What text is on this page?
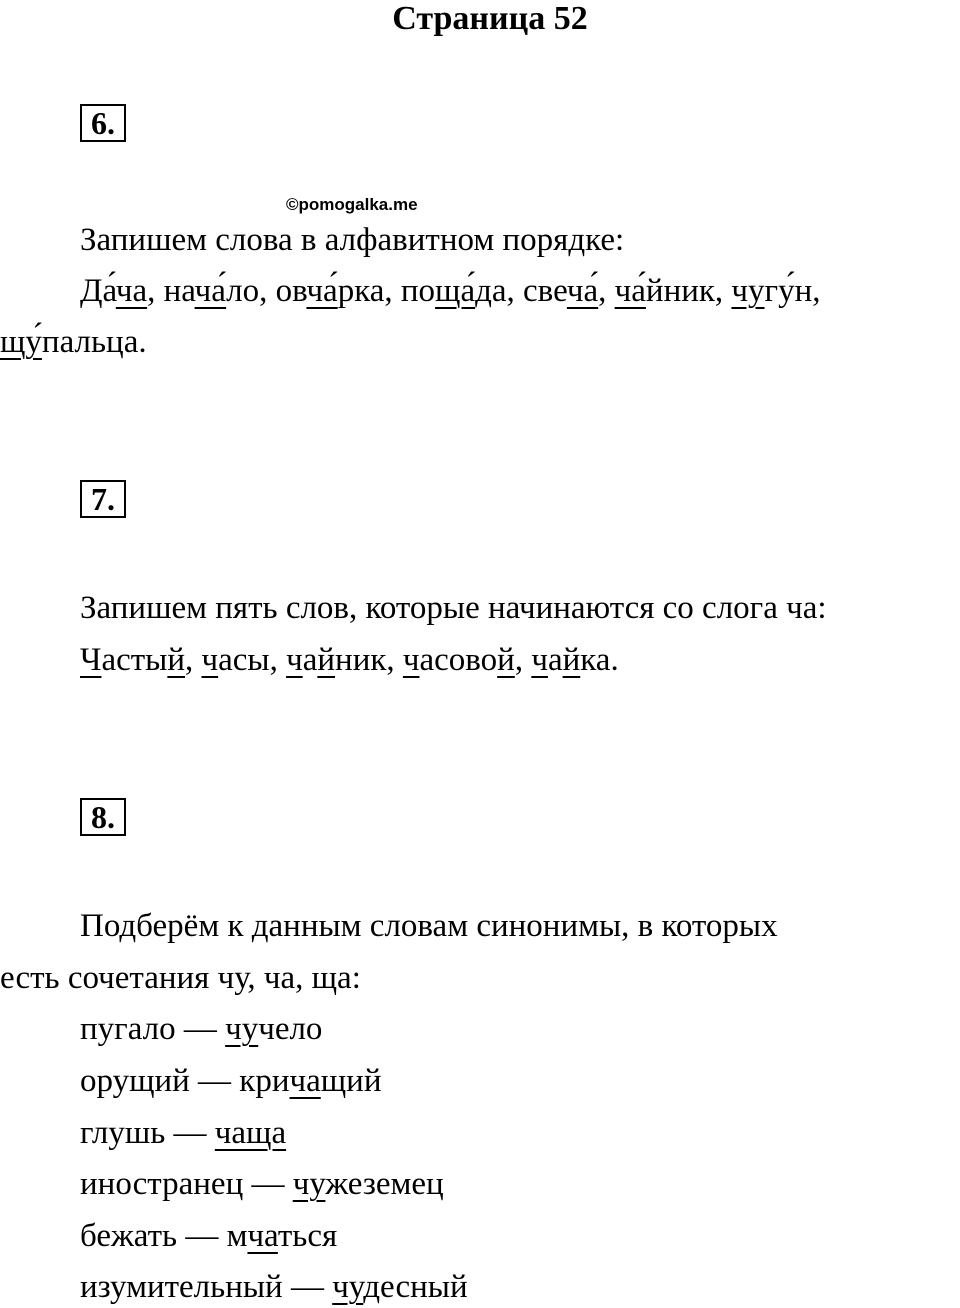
Страница 52
6.
©pomogalka.me
Запишем слова в алфавитном порядке:
Да́ча, нача́ло, овча́рка, поща́да, свеча́, ча́йник, чугу́н,
щу́пальца.
7.
Запишем пять слов, которые начинаются со слога ча:
Частый, часы, чайник, часовой, чайка.
8.
Подберём к данным словам синонимы, в которых
есть сочетания чу, ча, ща:
пугало — чучело
орущий — кричащий
глушь — чаща
иностранец — чужеземец
бежать — мчаться
изумительный — чудесный
